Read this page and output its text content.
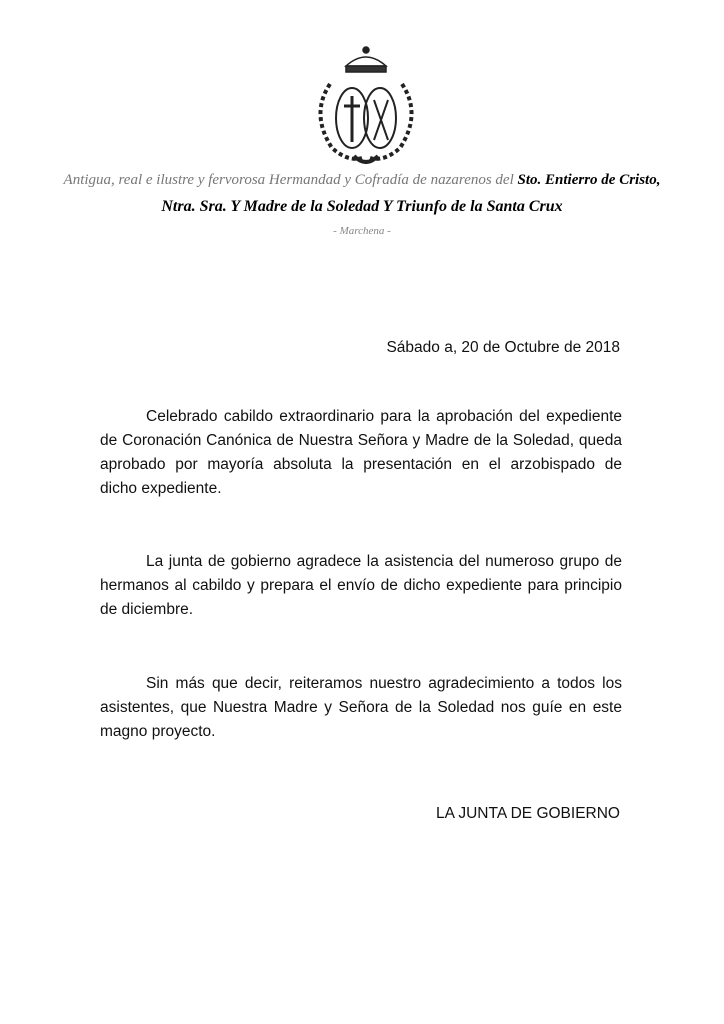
Antigua, real e ilustre y fervorosa Hermandad y Cofradía de nazarenos del Sto. Entierro de Cristo,
Ntra. Sra. Y Madre de la Soledad Y Triunfo de la Santa Crux
- Marchena -
Sábado a, 20 de Octubre de 2018
Celebrado cabildo extraordinario para la aprobación del expediente
de Coronación Canónica de Nuestra Señora y Madre de la Soledad, queda
aprobado por mayoría absoluta la presentación en el arzobispado de
dicho expediente.
La junta de gobierno agradece la asistencia del numeroso grupo de
hermanos al cabildo y prepara el envío de dicho expediente para principio
de diciembre.
Sin más que decir, reiteramos nuestro agradecimiento a todos los
asistentes, que Nuestra Madre y Señora de la Soledad nos guíe en este
magno proyecto.
LA JUNTA DE GOBIERNO
